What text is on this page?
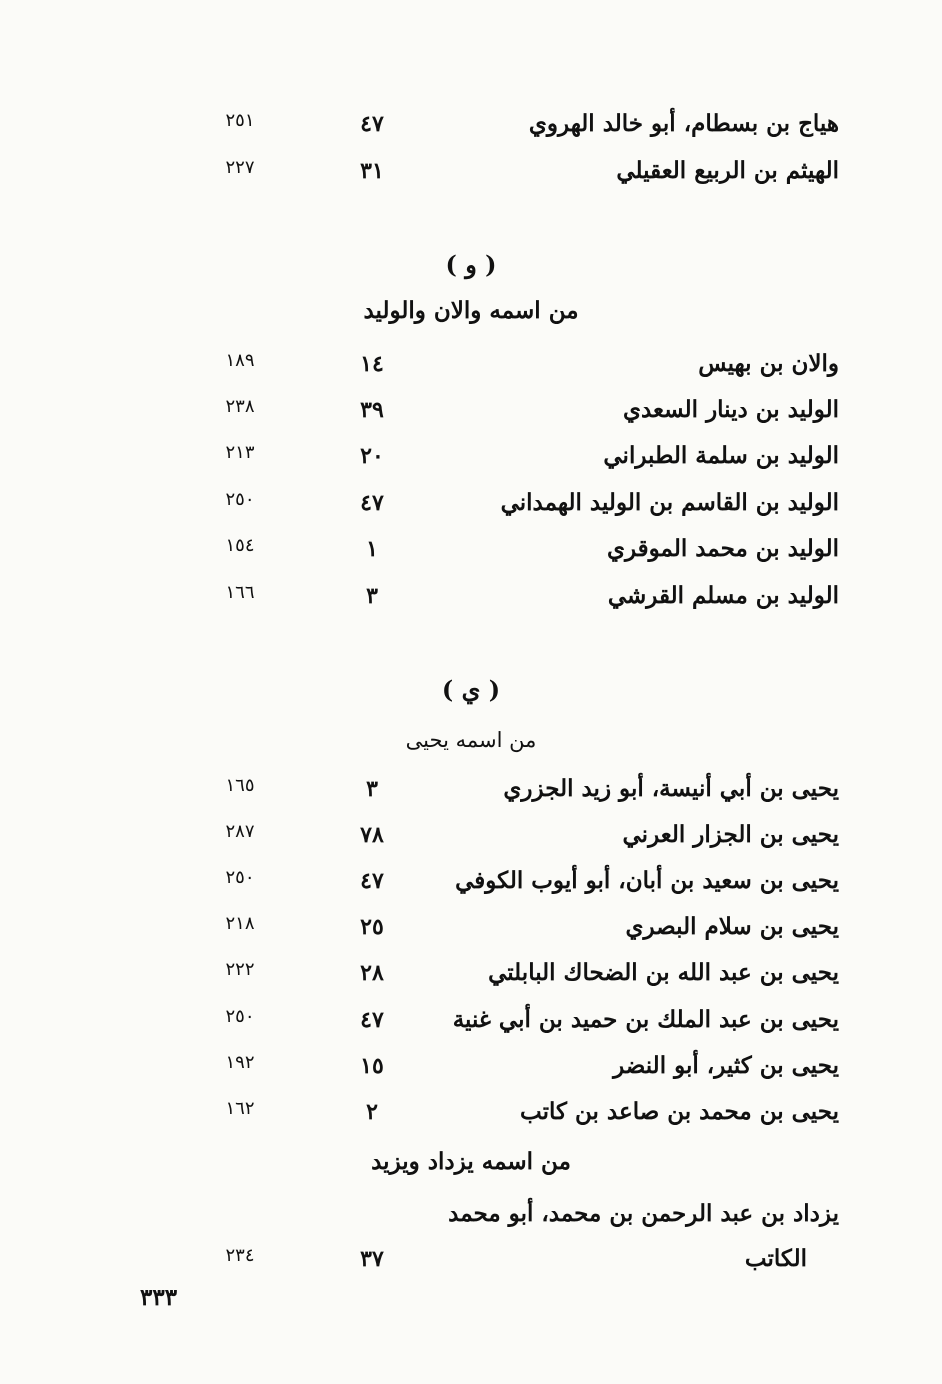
هياج بن بسطام، أبو خالد الهروي
٤٧
٢٥١
الهيثم بن الربيع العقيلي
٣١
٢٢٧
( و )
من اسمه والان والوليد
والان بن بهيس
١٤
١٨٩
الوليد بن دينار السعدي
٣٩
٢٣٨
الوليد بن سلمة الطبراني
٢٠
٢١٣
الوليد بن القاسم بن الوليد الهمداني
٤٧
٢٥٠
الوليد بن محمد الموقري
١
١٥٤
الوليد بن مسلم القرشي
٣
١٦٦
( ي )
من اسمه يحيى
يحيى بن أبي أنيسة، أبو زيد الجزري
٣
١٦٥
يحيى بن الجزار العرني
٧٨
٢٨٧
يحيى بن سعيد بن أبان، أبو أيوب الكوفي
٤٧
٢٥٠
يحيى بن سلام البصري
٢٥
٢١٨
يحيى بن عبد الله بن الضحاك البابلتي
٢٨
٢٢٢
يحيى بن عبد الملك بن حميد بن أبي غنية
٤٧
٢٥٠
يحيى بن كثير، أبو النضر
١٥
١٩٢
يحيى بن محمد بن صاعد بن كاتب
٢
١٦٢
من اسمه يزداد ويزيد
يزداد بن عبد الرحمن بن محمد، أبو محمد
الكاتب
٣٧
٢٣٤
٣٣٣
